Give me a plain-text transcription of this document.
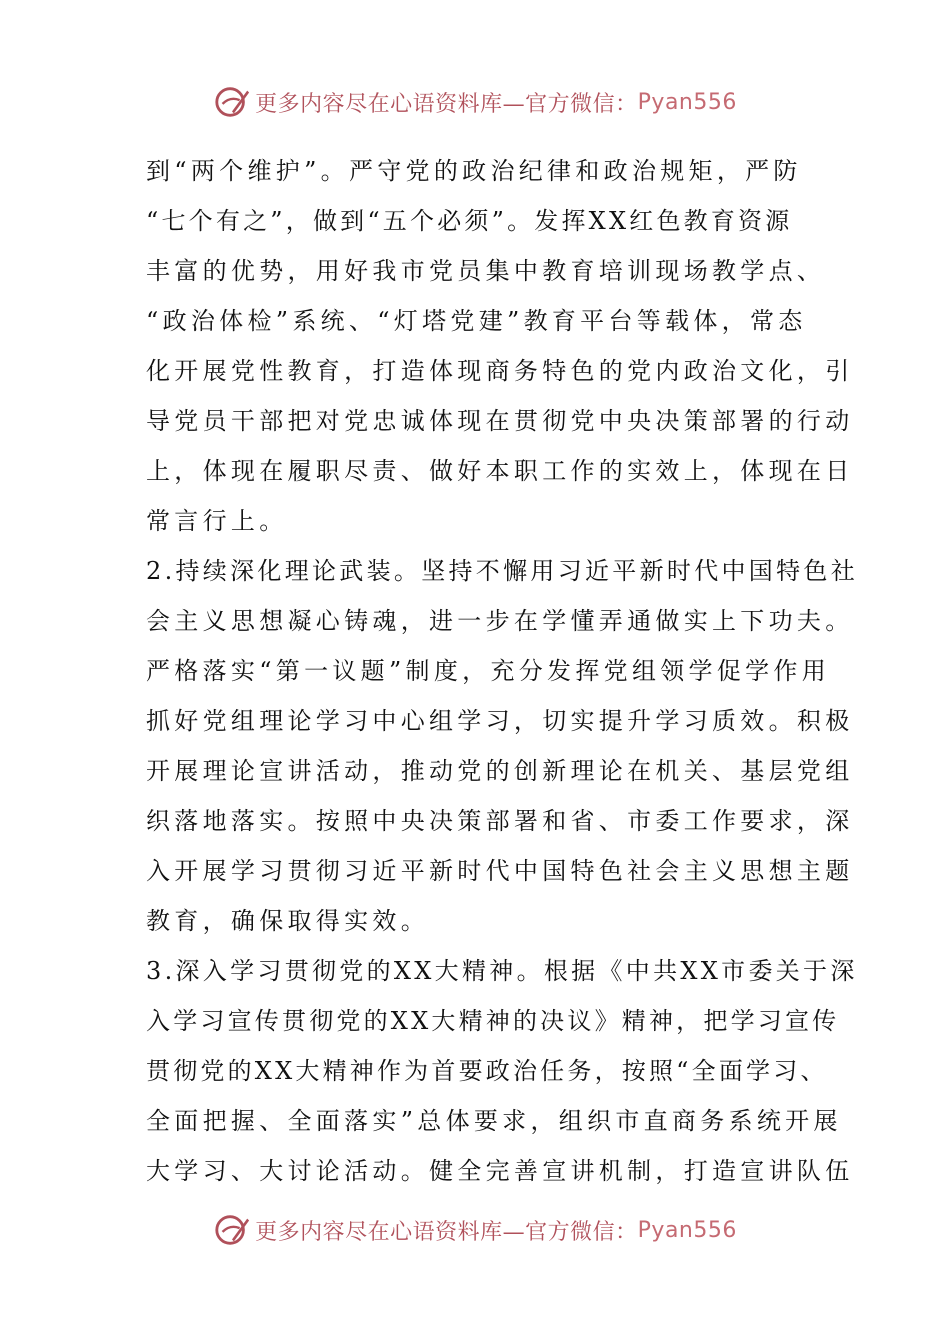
更多内容尽在心语资料库—官方微信： Pyan556
到“两个维护”。严守党的政治纪律和政治规矩，严防
“七个有之”，做到“五个必须”。发挥XX红色教育资源
丰富的优势，用好我市党员集中教育培训现场教学点、
“政治体检”系统、“灯塔党建”教育平台等载体，常态
化开展党性教育，打造体现商务特色的党内政治文化，引
导党员干部把对党忠诚体现在贯彻党中央决策部署的行动
上，体现在履职尽责、做好本职工作的实效上，体现在日
常言行上。
2.持续深化理论武装。坚持不懈用习近平新时代中国特色社
会主义思想凝心铸魂，进一步在学懂弄通做实上下功夫。
严格落实“第一议题”制度，充分发挥党组领学促学作用
抓好党组理论学习中心组学习，切实提升学习质效。积极
开展理论宣讲活动，推动党的创新理论在机关、基层党组
织落地落实。按照中央决策部署和省、市委工作要求，深
入开展学习贯彻习近平新时代中国特色社会主义思想主题
教育，确保取得实效。
3.深入学习贯彻党的XX大精神。根据《中共XX市委关于深
入学习宣传贯彻党的XX大精神的决议》精神，把学习宣传
贯彻党的XX大精神作为首要政治任务，按照“全面学习、
全面把握、全面落实”总体要求，组织市直商务系统开展
大学习、大讨论活动。健全完善宣讲机制，打造宣讲队伍
更多内容尽在心语资料库—官方微信： Pyan556
